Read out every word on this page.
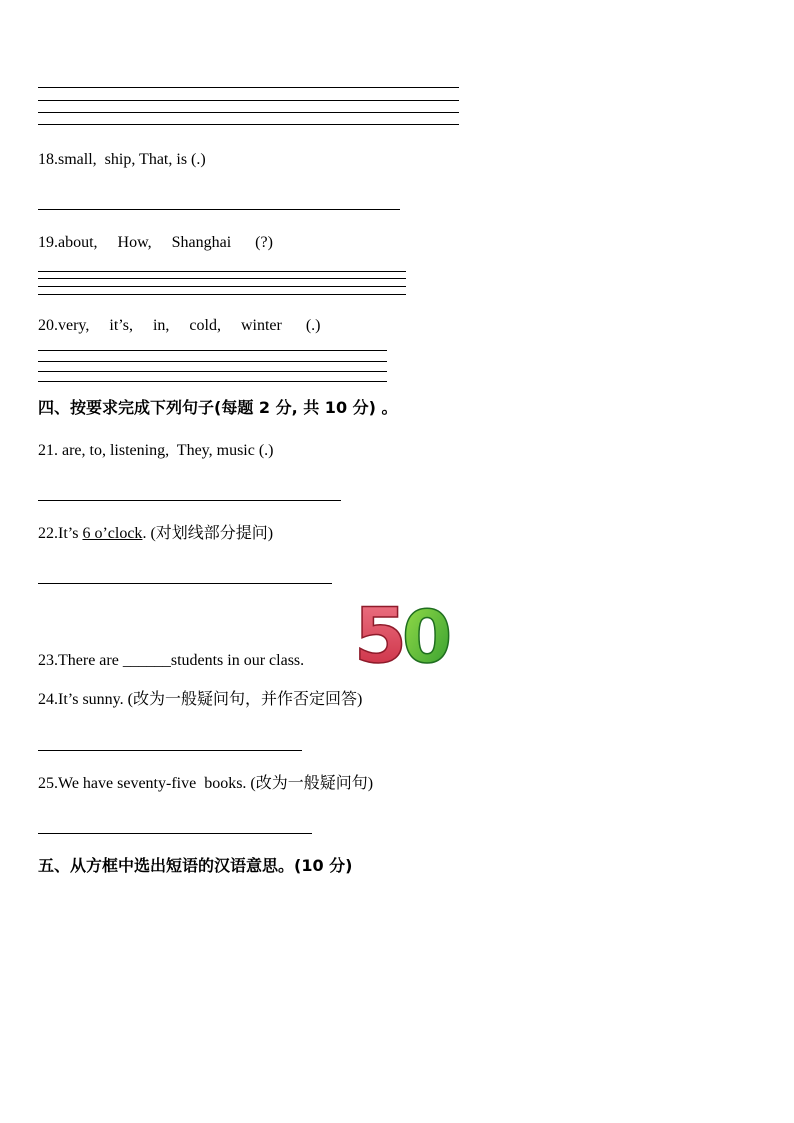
18.small,  ship, That, is (.)
19.about,     How,     Shanghai      (?)
20.very,     it’s,     in,     cold,     winter      (.)
四、按要求完成下列句子(每题 2 分, 共 10 分) 。
21. are, to, listening,  They, music (.)
22.It’s 6 o’clock. (对划线部分提问)
23.There are ______students in our class. 5
0
24.It’s sunny. (改为一般疑问句，并作否定回答)
25.We have seventy-five  books. (改为一般疑问句)
五、从方框中选出短语的汉语意思。(10 分)
